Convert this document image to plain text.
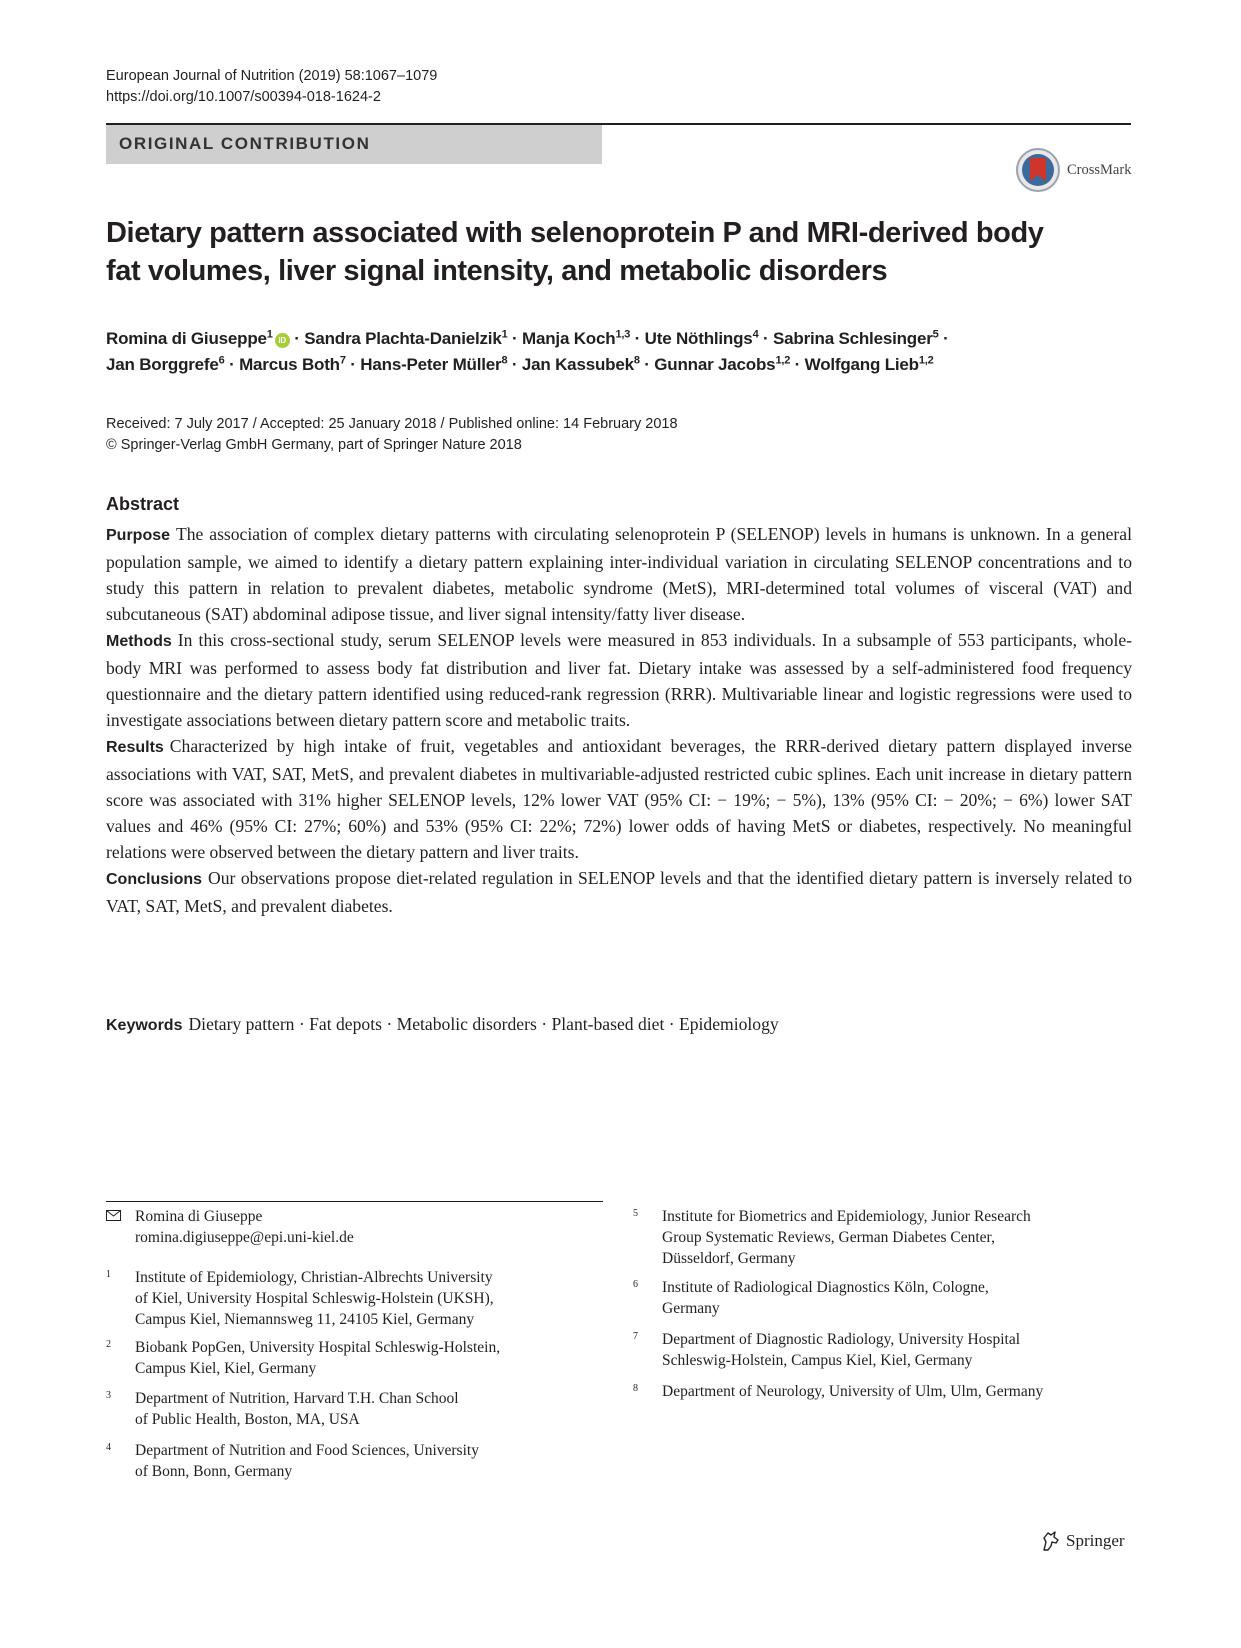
European Journal of Nutrition (2019) 58:1067–1079
https://doi.org/10.1007/s00394-018-1624-2
ORIGINAL CONTRIBUTION
CrossMark
Dietary pattern associated with selenoprotein P and MRI-derived body
fat volumes, liver signal intensity, and metabolic disorders
Romina di Giuseppe$^1$iD · Sandra Plachta-Danielzik$^1$ · Manja Koch$^{1,3}$ · Ute Nöthlings$^4$ · Sabrina Schlesinger$^5$ ·
Jan Borggrefe$^6$ · Marcus Both$^7$ · Hans-Peter Müller$^8$ · Jan Kassubek$^8$ · Gunnar Jacobs$^{1,2}$ · Wolfgang Lieb$^{1,2}$
Received: 7 July 2017 / Accepted: 25 January 2018 / Published online: 14 February 2018
© Springer-Verlag GmbH Germany, part of Springer Nature 2018
Abstract

Purpose The association of complex dietary patterns with circulating selenoprotein P (SELENOP) levels in humans is unknown. In a general population sample, we aimed to identify a dietary pattern explaining inter-individual variation in circulating SELENOP concentrations and to study this pattern in relation to prevalent diabetes, metabolic syndrome (MetS), MRI-determined total volumes of visceral (VAT) and subcutaneous (SAT) abdominal adipose tissue, and liver signal intensity/fatty liver disease.

Methods In this cross-sectional study, serum SELENOP levels were measured in 853 individuals. In a subsample of 553 participants, whole-body MRI was performed to assess body fat distribution and liver fat. Dietary intake was assessed by a self-administered food frequency questionnaire and the dietary pattern identified using reduced-rank regression (RRR). Multivariable linear and logistic regressions were used to investigate associations between dietary pattern score and metabolic traits.

Results Characterized by high intake of fruit, vegetables and antioxidant beverages, the RRR-derived dietary pattern displayed inverse associations with VAT, SAT, MetS, and prevalent diabetes in multivariable-adjusted restricted cubic splines. Each unit increase in dietary pattern score was associated with 31% higher SELENOP levels, 12% lower VAT (95% CI: − 19%; − 5%), 13% (95% CI: − 20%; − 6%) lower SAT values and 46% (95% CI: 27%; 60%) and 53% (95% CI: 22%; 72%) lower odds of having MetS or diabetes, respectively. No meaningful relations were observed between the dietary pattern and liver traits.

Conclusions Our observations propose diet-related regulation in SELENOP levels and that the identified dietary pattern is inversely related to VAT, SAT, MetS, and prevalent diabetes.

Keywords Dietary pattern · Fat depots · Metabolic disorders · Plant-based diet · Epidemiology
Romina di Giuseppe
romina.digiuseppe@epi.uni-kiel.de
1 Institute of Epidemiology, Christian-Albrechts University
of Kiel, University Hospital Schleswig-Holstein (UKSH),
Campus Kiel, Niemannsweg 11, 24105 Kiel, Germany
2 Biobank PopGen, University Hospital Schleswig-Holstein,
Campus Kiel, Kiel, Germany
3 Department of Nutrition, Harvard T.H. Chan School
of Public Health, Boston, MA, USA
4 Department of Nutrition and Food Sciences, University
of Bonn, Bonn, Germany
5 Institute for Biometrics and Epidemiology, Junior Research
Group Systematic Reviews, German Diabetes Center,
Düsseldorf, Germany
6 Institute of Radiological Diagnostics Köln, Cologne,
Germany
7 Department of Diagnostic Radiology, University Hospital
Schleswig-Holstein, Campus Kiel, Kiel, Germany
8 Department of Neurology, University of Ulm, Ulm, Germany
Springer
